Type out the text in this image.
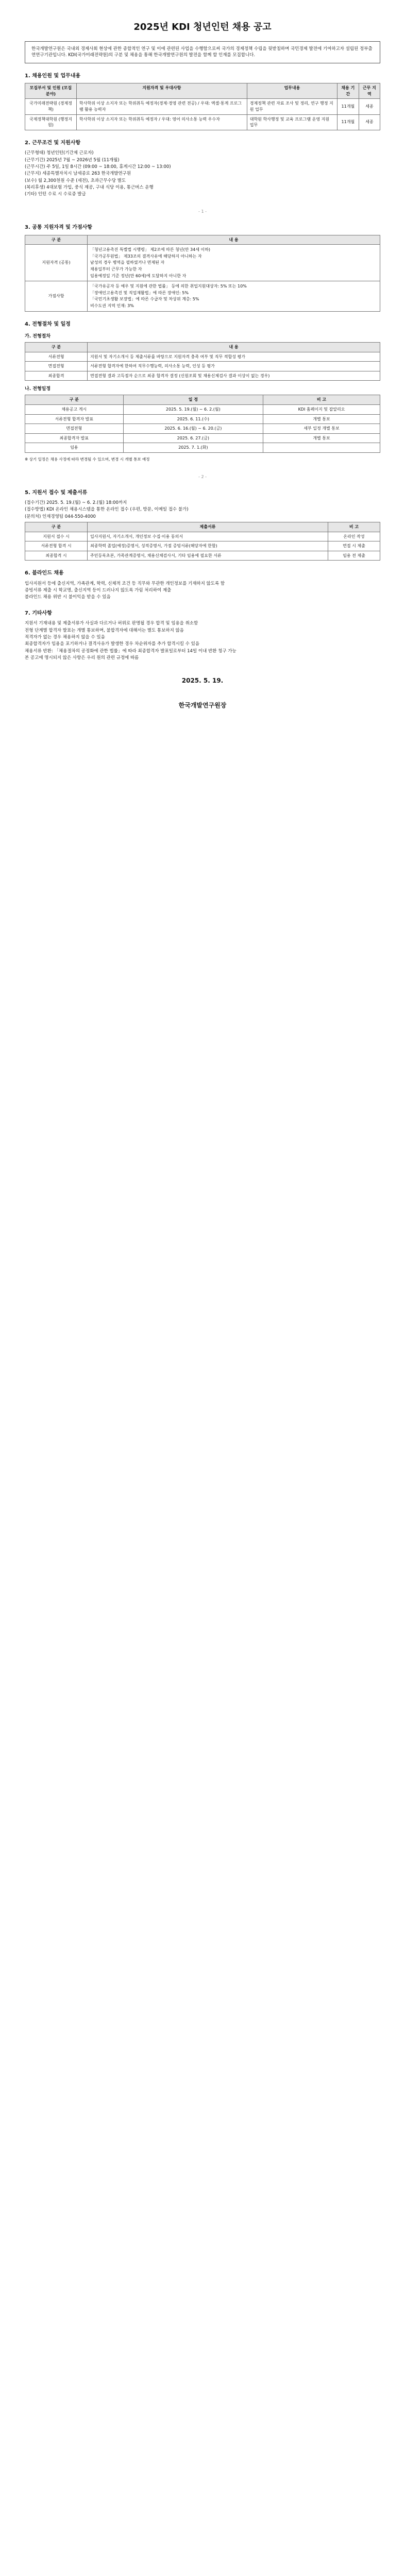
2025년 KDI 청년인턴 채용 공고
한국개발연구원은 국내외 경제사회 현상에 관한 종합적인 연구 및 이에 관련된 사업을 수행함으로써 국가의 경제정책 수립을 뒷받침하며 국민경제 발전에 기여하고자 설립된 정부출연연구기관입니다. KDI(국가미래전략원)의 구분 및 채용을 통해 한국개발연구원의 발전을 함께 할 인재를 모집합니다.
1. 채용인원 및 업무내용
모집부서 및 인원 (모집분야)	지원자격 및 우대사항	업무내용	채용 기간	근무 지역
국가미래전략원 (경제정책)	학사학위 이상 소지자 또는 학위취득 예정자(경제·경영 관련 전공) / 우대: 엑셀·통계 프로그램 활용 능력자	경제정책 관련 자료 조사 및 정리, 연구 행정 지원 업무	11개월	세종
국제정책대학원 (행정지원)	학사학위 이상 소지자 또는 학위취득 예정자 / 우대: 영어 의사소통 능력 우수자	대학원 학사행정 및 교육 프로그램 운영 지원 업무	11개월	세종
2. 근무조건 및 지원사항
(근무형태) 청년인턴(기간제 근로자)
(근무기간) 2025년 7월 ~ 2026년 5월 (11개월)
(근무시간) 주 5일, 1일 8시간 (09:00 ~ 18:00, 휴게시간 12:00 ~ 13:00)
(근무지) 세종특별자치시 남세종로 263 한국개발연구원
(보수) 월 2,300천원 수준 (세전), 초과근무수당 별도
(복리후생) 4대보험 가입, 중식 제공, 구내 식당 이용, 통근버스 운행
(기타) 인턴 수료 시 수료증 발급
- 1 -
3. 공통 지원자격 및 가점사항
구 분	내 용
지원자격 (공통)	「청년고용촉진 특별법 시행령」 제2조에 따른 청년(만 34세 이하)
「국가공무원법」 제33조의 결격사유에 해당하지 아니하는 자
남성의 경우 병역을 필하였거나 면제된 자
채용일부터 근무가 가능한 자
임용예정일 기준 정년(만 60세)에 도달하지 아니한 자

가점사항	「국가유공자 등 예우 및 지원에 관한 법률」 등에 의한 취업지원대상자: 5% 또는 10%
「장애인고용촉진 및 직업재활법」에 따른 장애인: 5%
「국민기초생활 보장법」에 따른 수급자 및 차상위 계층: 5%
비수도권 지역 인재: 3%
4. 전형절차 및 일정
가. 전형절차
구 분	내 용
서류전형	지원서 및 자기소개서 등 제출서류를 바탕으로 지원자격 충족 여부 및 직무 적합성 평가
면접전형	서류전형 합격자에 한하여 직무수행능력, 의사소통 능력, 인성 등 평가
최종합격	면접전형 결과 고득점자 순으로 최종 합격자 결정 (신원조회 및 채용신체검사 결과 이상이 없는 경우)
나. 전형일정
구 분	일 정	비 고
채용공고 게시	2025. 5. 19.(월) ~ 6. 2.(월)	KDI 홈페이지 및 잡알리오
서류전형 합격자 발표	2025. 6. 11.(수)	개별 통보
면접전형	2025. 6. 16.(월) ~ 6. 20.(금)	세부 일정 개별 통보
최종합격자 발표	2025. 6. 27.(금)	개별 통보
임용	2025. 7. 1.(화)	
※ 상기 일정은 채용 사정에 따라 변경될 수 있으며, 변경 시 개별 통보 예정
- 2 -
5. 지원서 접수 및 제출서류
(접수기간) 2025. 5. 19.(월) ~ 6. 2.(월) 18:00까지
(접수방법) KDI 온라인 채용시스템을 통한 온라인 접수 (우편, 방문, 이메일 접수 불가)
(문의처) 인재경영팀 044-550-4000
구 분	제출서류	비 고
지원서 접수 시	입사지원서, 자기소개서, 개인정보 수집·이용 동의서	온라인 작성
서류전형 합격 시	최종학력 졸업(예정)증명서, 성적증명서, 가점 증빙서류(해당자에 한함)	면접 시 제출
최종합격 시	주민등록초본, 가족관계증명서, 채용신체검사서, 기타 임용에 필요한 서류	임용 전 제출
6. 블라인드 채용
입사지원서 등에 출신지역, 가족관계, 학력, 신체적 조건 등 직무와 무관한 개인정보를 기재하지 않도록 함
증빙서류 제출 시 학교명, 출신지역 등이 드러나지 않도록 가림 처리하여 제출
블라인드 채용 위반 시 불이익을 받을 수 있음
7. 기타사항
지원서 기재내용 및 제출서류가 사실과 다르거나 허위로 판명될 경우 합격 및 임용을 취소함
전형 단계별 합격자 발표는 개별 통보하며, 불합격자에 대해서는 별도 통보하지 않음
적격자가 없는 경우 채용하지 않을 수 있음
최종합격자가 임용을 포기하거나 결격사유가 발생한 경우 차순위자를 추가 합격시킬 수 있음
채용서류 반환: 「채용절차의 공정화에 관한 법률」에 따라 최종합격자 발표일로부터 14일 이내 반환 청구 가능
본 공고에 명시되지 않은 사항은 우리 원의 관련 규정에 따름
2025. 5. 19.
한국개발연구원장
